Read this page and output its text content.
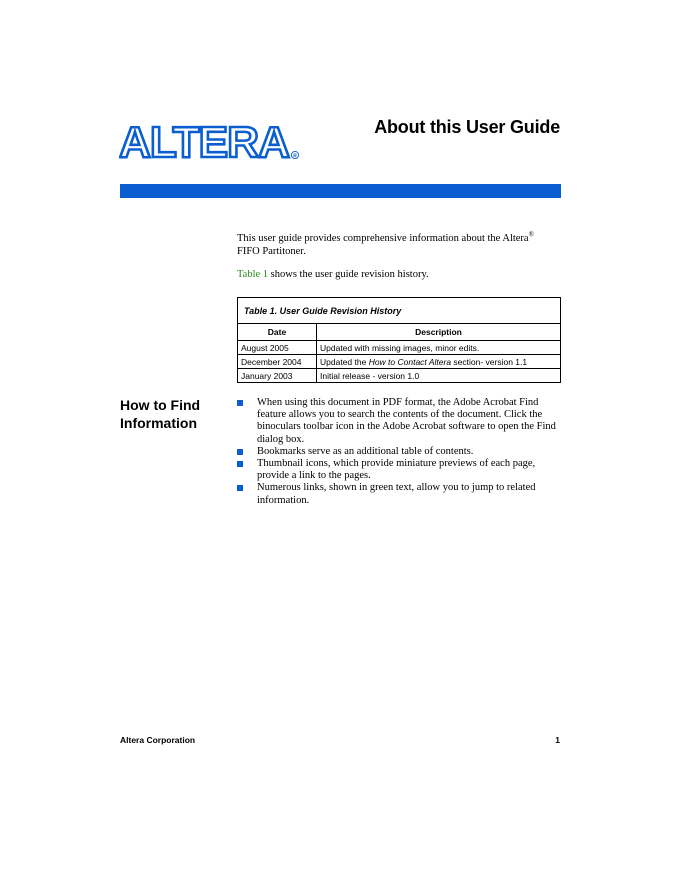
ALTERA R
About this User Guide
This user guide provides comprehensive information about the Altera®
FIFO Partitoner.
Table 1 shows the user guide revision history.
Table 1. User Guide Revision History	
Date	Description
August 2005	Updated with missing images, minor edits.
December 2004	Updated the How to Contact Altera section- version 1.1
January 2003	Initial release - version 1.0
How to Find Information
When using this document in PDF format, the Adobe Acrobat Find feature allows you to search the contents of the document. Click the binoculars toolbar icon in the Adobe Acrobat software to open the Find dialog box.
Bookmarks serve as an additional table of contents.
Thumbnail icons, which provide miniature previews of each page, provide a link to the pages.
Numerous links, shown in green text, allow you to jump to related information.
Altera Corporation	1
